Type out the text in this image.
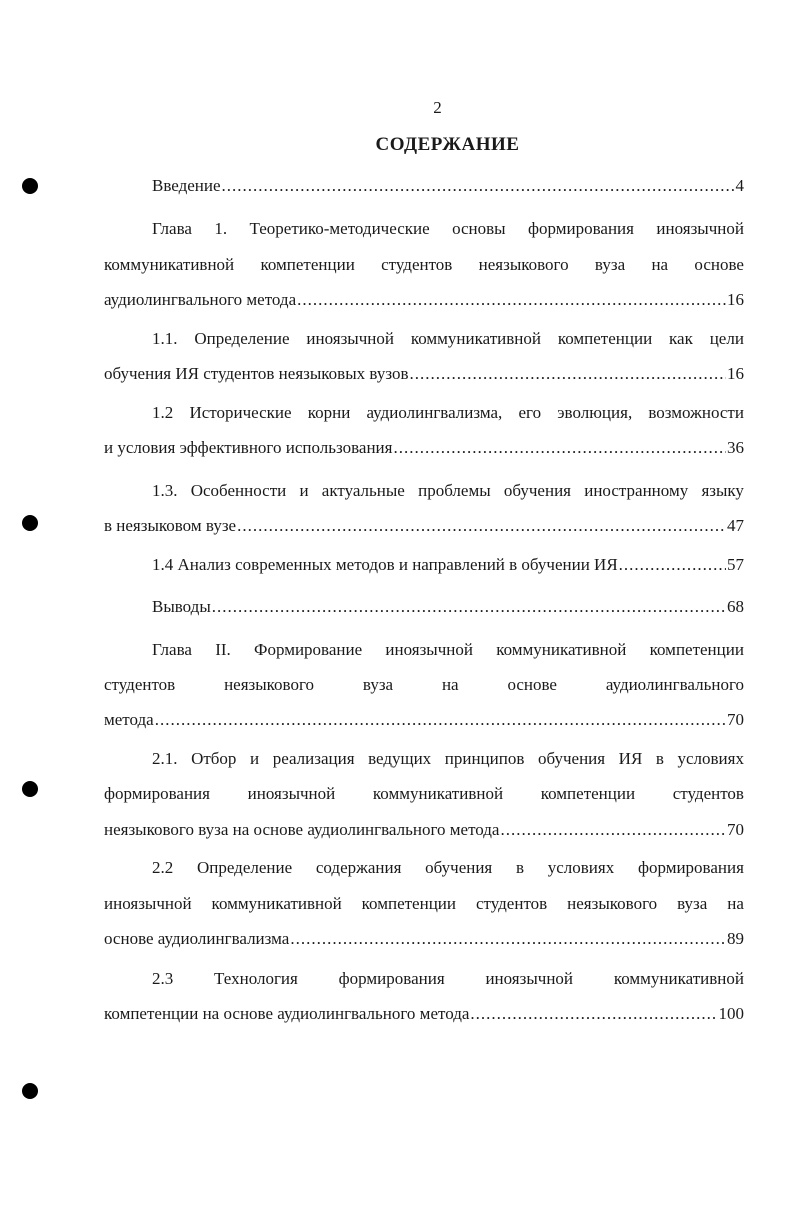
2
СОДЕРЖАНИЕ
Введение .....	4
Глава 1. Теоретико-методические основы формирования иноязычной
коммуникативной компетенции студентов неязыкового вуза на основе
аудиолингвального метода .....	16
1.1. Определение иноязычной коммуникативной компетенции как цели
обучения ИЯ студентов неязыковых вузов .....	16
1.2 Исторические корни аудиолингвализма, его эволюция, возможности
и условия эффективного использования .....	36
1.3. Особенности и актуальные проблемы обучения иностранному языку
в неязыковом вузе .....	47
1.4 Анализ современных методов и направлений в обучении ИЯ .....	57
Выводы .....	68
Глава II. Формирование иноязычной коммуникативной компетенции
студентов	неязыкового	вуза	на	основе	аудиолингвального
метода .....	70
2.1. Отбор и реализация ведущих принципов обучения ИЯ в условиях
формирования иноязычной коммуникативной компетенции студентов
неязыкового вуза на основе аудиолингвального метода .....	70
2.2 Определение содержания обучения в условиях формирования
иноязычной коммуникативной компетенции студентов неязыкового вуза на
основе аудиолингвализма .....	89
2.3 Технология формирования иноязычной коммуникативной
компетенции на основе аудиолингвального метода .....	100
